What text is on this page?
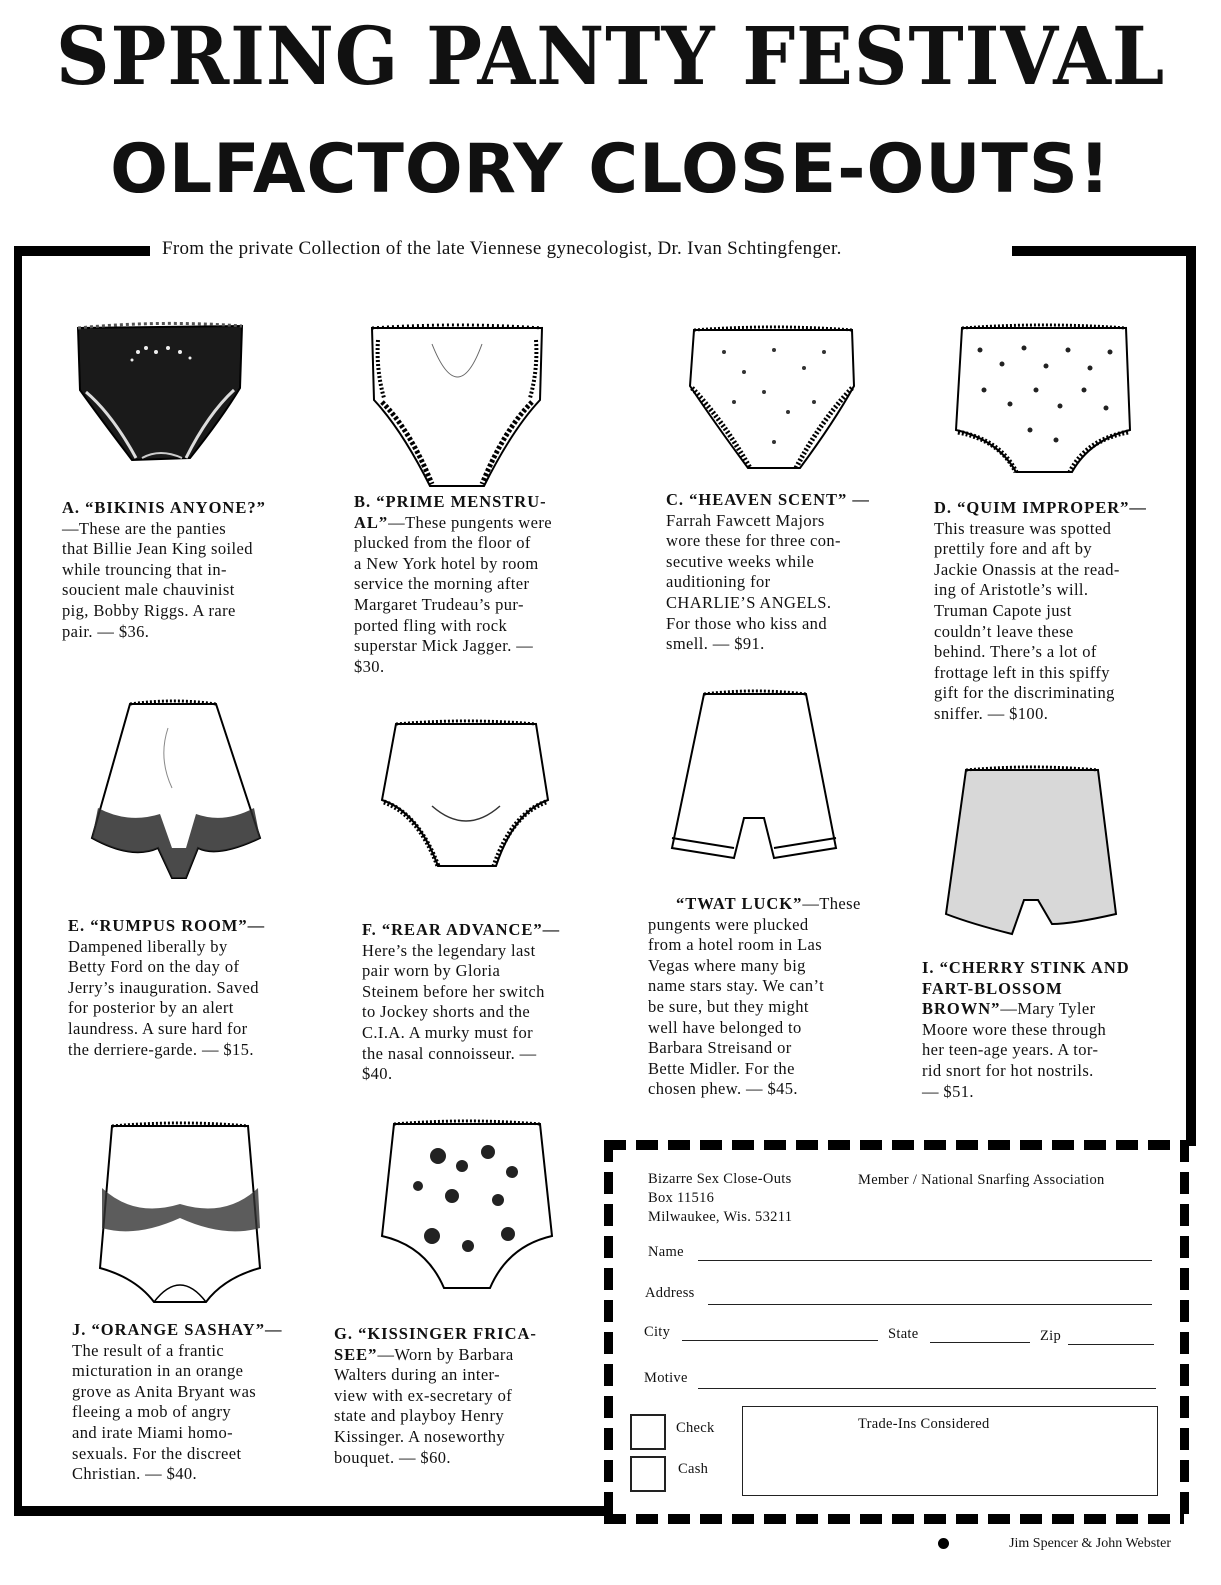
SPRING PANTY FESTIVAL
OLFACTORY CLOSE-OUTS!
From the private Collection of the late Viennese gynecologist, Dr. Ivan Schtingfenger.
A. “BIKINIS ANYONE?”
—These are the panties
that Billie Jean King soiled
while trouncing that in-
soucient male chauvinist
pig, Bobby Riggs. A rare
pair. — $36.
B. “PRIME MENSTRU-
AL”—These pungents were
plucked from the floor of
a New York hotel by room
service the morning after
Margaret Trudeau’s pur-
ported fling with rock
superstar Mick Jagger. —
$30.
C. “HEAVEN SCENT” —
Farrah Fawcett Majors
wore these for three con-
secutive weeks while
auditioning for
CHARLIE’S ANGELS.
For those who kiss and
smell. — $91.
D. “QUIM IMPROPER”—
This treasure was spotted
prettily fore and aft by
Jackie Onassis at the read-
ing of Aristotle’s will.
Truman Capote just
couldn’t leave these
behind. There’s a lot of
frottage left in this spiffy
gift for the discriminating
sniffer. — $100.
E. “RUMPUS ROOM”—
Dampened liberally by
Betty Ford on the day of
Jerry’s inauguration. Saved
for posterior by an alert
laundress. A sure hard for
the derriere-garde. — $15.
F. “REAR ADVANCE”—
Here’s the legendary last
pair worn by Gloria
Steinem before her switch
to Jockey shorts and the
C.I.A. A murky must for
the nasal connoisseur. —
$40.
“TWAT LUCK”—These
pungents were plucked
from a hotel room in Las
Vegas where many big
name stars stay. We can’t
be sure, but they might
well have belonged to
Barbara Streisand or
Bette Midler. For the
chosen phew. — $45.
I. “CHERRY STINK AND
FART-BLOSSOM
BROWN”—Mary Tyler
Moore wore these through
her teen-age years. A tor-
rid snort for hot nostrils.
— $51.
J. “ORANGE SASHAY”—
The result of a frantic
micturation in an orange
grove as Anita Bryant was
fleeing a mob of angry
and irate Miami homo-
sexuals. For the discreet
Christian. — $40.
G. “KISSINGER FRICA-
SEE”—Worn by Barbara
Walters during an inter-
view with ex-secretary of
state and playboy Henry
Kissinger. A noseworthy
bouquet. — $60.
Bizarre Sex Close-Outs
Box 11516
Milwaukee, Wis. 53211
Member / National Snarfing Association
Name
Address
City	State	Zip
Motive
Check
Cash
Trade-Ins Considered
Jim Spencer & John Webster
